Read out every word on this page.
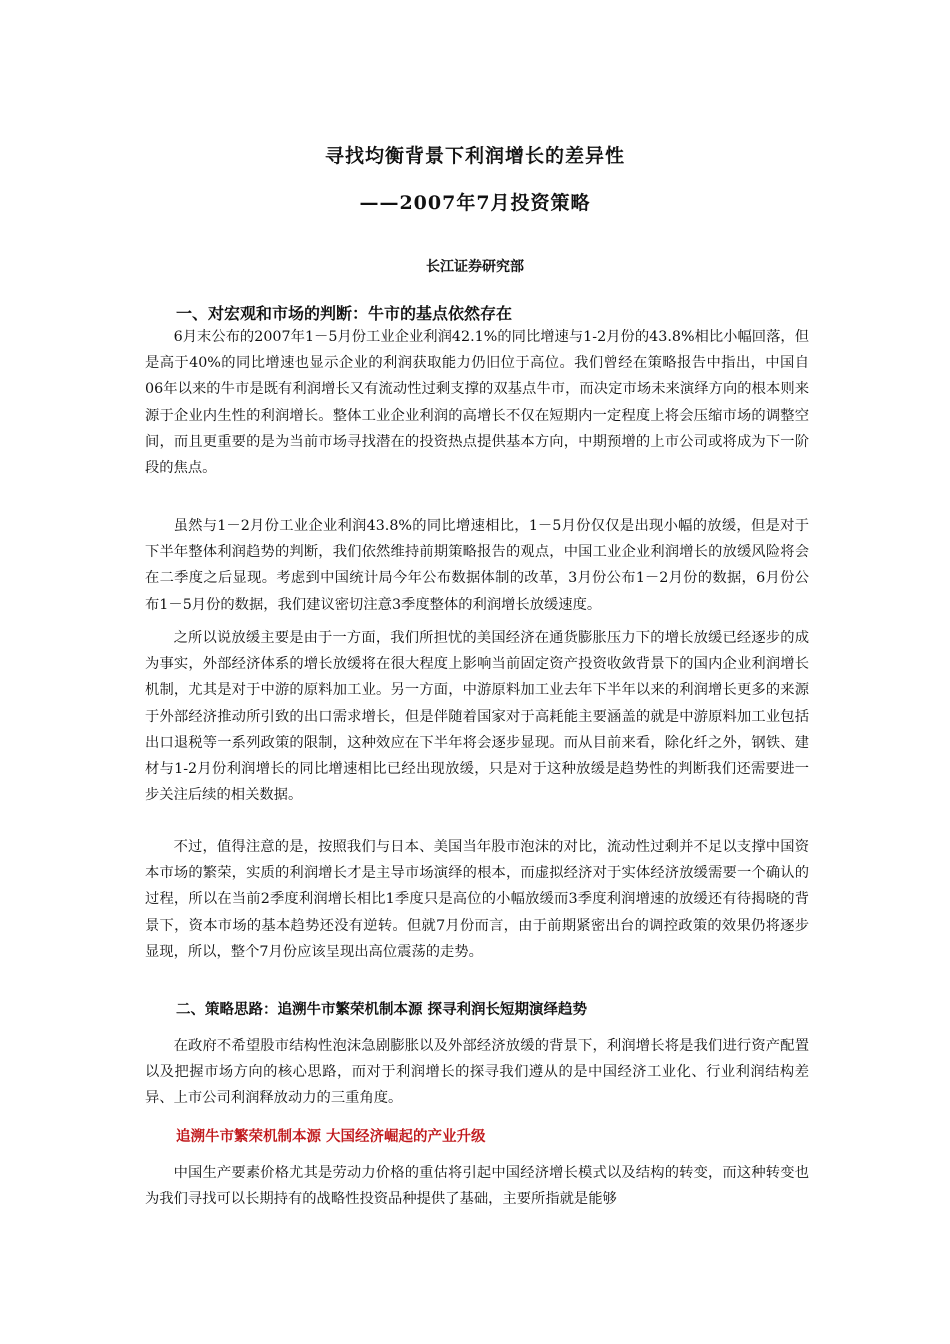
寻找均衡背景下利润增长的差异性
——2007年7月投资策略
长江证券研究部
一、对宏观和市场的判断：牛市的基点依然存在
6月末公布的2007年1－5月份工业企业利润42.1%的同比增速与1-2月份的43.8%相比小幅回落，但是高于40%的同比增速也显示企业的利润获取能力仍旧位于高位。我们曾经在策略报告中指出，中国自06年以来的牛市是既有利润增长又有流动性过剩支撑的双基点牛市，而决定市场未来演绎方向的根本则来源于企业内生性的利润增长。整体工业企业利润的高增长不仅在短期内一定程度上将会压缩市场的调整空间，而且更重要的是为当前市场寻找潜在的投资热点提供基本方向，中期预增的上市公司或将成为下一阶段的焦点。
虽然与1－2月份工业企业利润43.8%的同比增速相比，1－5月份仅仅是出现小幅的放缓，但是对于下半年整体利润趋势的判断，我们依然维持前期策略报告的观点，中国工业企业利润增长的放缓风险将会在二季度之后显现。考虑到中国统计局今年公布数据体制的改革，3月份公布1－2月份的数据，6月份公布1－5月份的数据，我们建议密切注意3季度整体的利润增长放缓速度。
之所以说放缓主要是由于一方面，我们所担忧的美国经济在通货膨胀压力下的增长放缓已经逐步的成为事实，外部经济体系的增长放缓将在很大程度上影响当前固定资产投资收敛背景下的国内企业利润增长机制，尤其是对于中游的原料加工业。另一方面，中游原料加工业去年下半年以来的利润增长更多的来源于外部经济推动所引致的出口需求增长，但是伴随着国家对于高耗能主要涵盖的就是中游原料加工业包括出口退税等一系列政策的限制，这种效应在下半年将会逐步显现。而从目前来看，除化纤之外，钢铁、建材与1-2月份利润增长的同比增速相比已经出现放缓，只是对于这种放缓是趋势性的判断我们还需要进一步关注后续的相关数据。
不过，值得注意的是，按照我们与日本、美国当年股市泡沫的对比，流动性过剩并不足以支撑中国资本市场的繁荣，实质的利润增长才是主导市场演绎的根本，而虚拟经济对于实体经济放缓需要一个确认的过程，所以在当前2季度利润增长相比1季度只是高位的小幅放缓而3季度利润增速的放缓还有待揭晓的背景下，资本市场的基本趋势还没有逆转。但就7月份而言，由于前期紧密出台的调控政策的效果仍将逐步显现，所以，整个7月份应该呈现出高位震荡的走势。
二、策略思路：追溯牛市繁荣机制本源 探寻利润长短期演绎趋势
在政府不希望股市结构性泡沫急剧膨胀以及外部经济放缓的背景下，利润增长将是我们进行资产配置以及把握市场方向的核心思路，而对于利润增长的探寻我们遵从的是中国经济工业化、行业利润结构差异、上市公司利润释放动力的三重角度。
追溯牛市繁荣机制本源 大国经济崛起的产业升级
中国生产要素价格尤其是劳动力价格的重估将引起中国经济增长模式以及结构的转变，而这种转变也为我们寻找可以长期持有的战略性投资品种提供了基础，主要所指就是能够
